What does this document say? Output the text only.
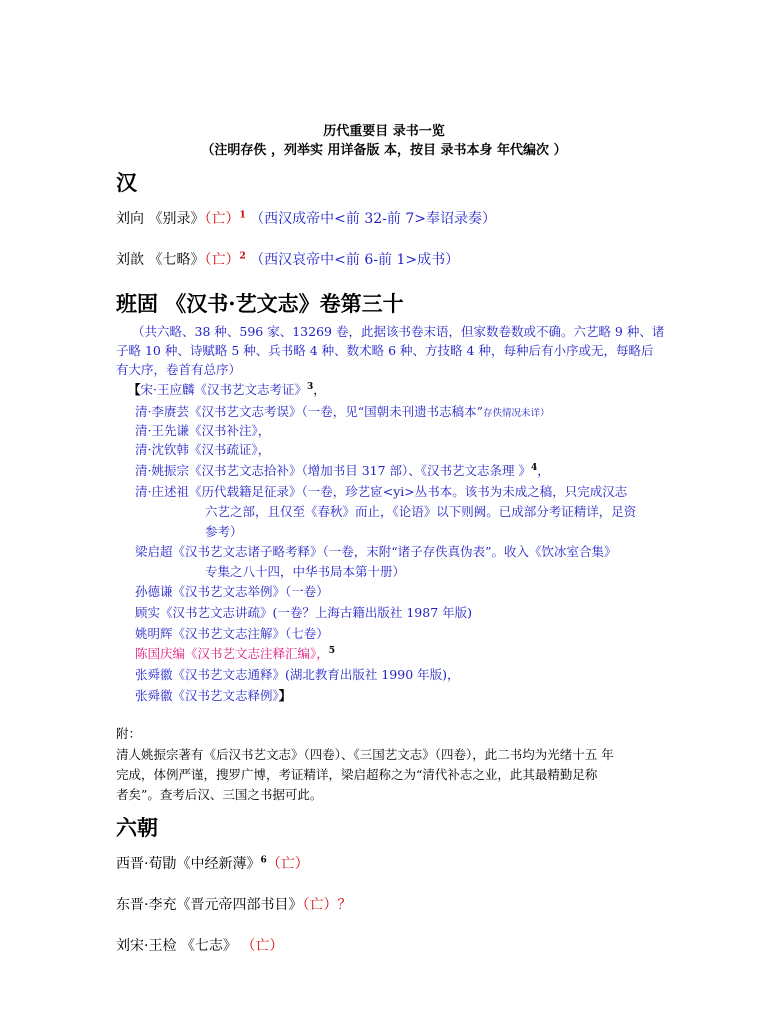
历代重要目 录书一览
（注明存佚 ，列举实 用详备版 本，按目 录书本身 年代编次 ）
汉
刘向 《别录》（亡）$^1$ （西汉成帝中<前 32-前 7>奉诏录奏）
刘歆 《七略》（亡）$^2$ （西汉哀帝中<前 6-前 1>成书）
班固 《汉书·艺文志》卷第三十
（共六略、38 种、596 家、13269 卷，此据该书卷末语，但家数卷数或不确。六艺略 9 种、诸
子略 10 种、诗赋略 5 种、兵书略 4 种、数术略 6 种、方技略 4 种，每种后有小序或无，每略后
有大序，卷首有总序）
【宋·王应麟《汉书艺文志考证》$^3$，
清·李赓芸《汉书艺文志考误》（一卷，见“国朝未刊遗书志稿本”存佚情况未详）
清·王先谦《汉书补注》，
清·沈钦韩《汉书疏证》，
清·姚振宗《汉书艺文志拾补》（增加书目 317 部）、《汉书艺文志条理 》$^4$，
清·庄述祖《历代载籍足征录》（一卷，珍艺宧<yi>丛书本。该书为未成之稿，只完成汉志
六艺之部，且仅至《春秋》而止，《论语》以下则阙。已成部分考证精详，足资
参考）
梁启超《汉书艺文志诸子略考释》（一卷，末附“诸子存佚真伪表”。收入《饮冰室合集》
专集之八十四，中华书局本第十册）
孙德谦《汉书艺文志举例》（一卷）
顾实《汉书艺文志讲疏》(一卷？上海古籍出版社 1987 年版)
姚明辉《汉书艺文志注解》（七卷）
陈国庆编《汉书艺文志注释汇编》，$^5$
张舜徽《汉书艺文志通释》(湖北教育出版社 1990 年版)，
张舜徽《汉书艺文志释例》】
附：
清人姚振宗著有《后汉书艺文志》（四卷）、《三国艺文志》（四卷），此二书均为光绪十五 年
完成，体例严谨，搜罗广博，考证精详，梁启超称之为“清代补志之业，此其最精勤足称
者矣”。查考后汉、三国之书据可此。
六朝
西晋·荀勖《中经新薄》$^6$（亡）
东晋·李充《晋元帝四部书目》（亡）？
刘宋·王检 《七志》 （亡）
